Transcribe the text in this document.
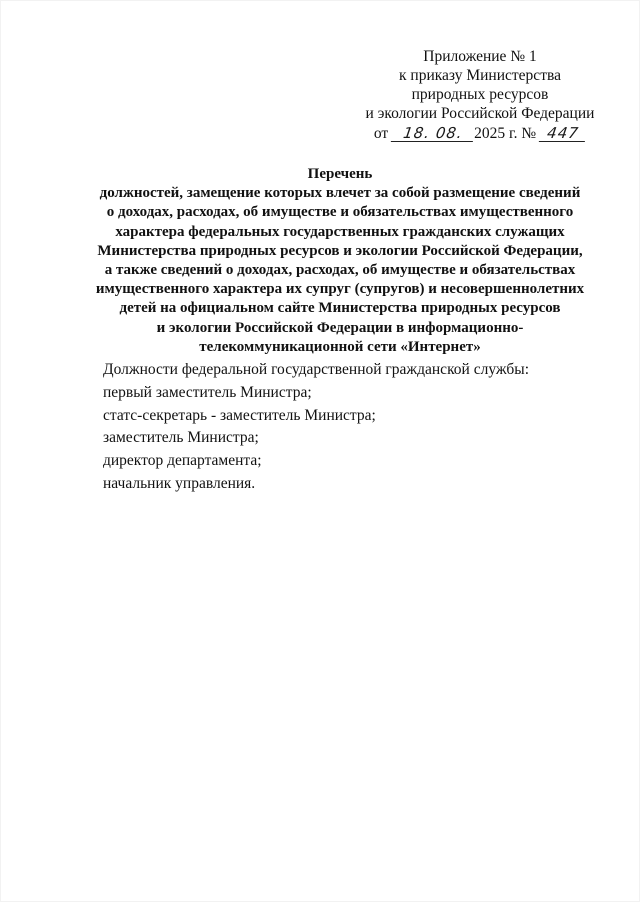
Приложение № 1
к приказу Министерства
природных ресурсов
и экологии Российской Федерации
от 18. 08. 2025 г. № 447
Перечень
должностей, замещение которых влечет за собой размещение сведений
о доходах, расходах, об имуществе и обязательствах имущественного
характера федеральных государственных гражданских служащих
Министерства природных ресурсов и экологии Российской Федерации,
а также сведений о доходах, расходах, об имуществе и обязательствах
имущественного характера их супруг (супругов) и несовершеннолетних
детей на официальном сайте Министерства природных ресурсов
и экологии Российской Федерации в информационно-
телекоммуникационной сети «Интернет»
Должности федеральной государственной гражданской службы:
первый заместитель Министра;
статс-секретарь - заместитель Министра;
заместитель Министра;
директор департамента;
начальник управления.
